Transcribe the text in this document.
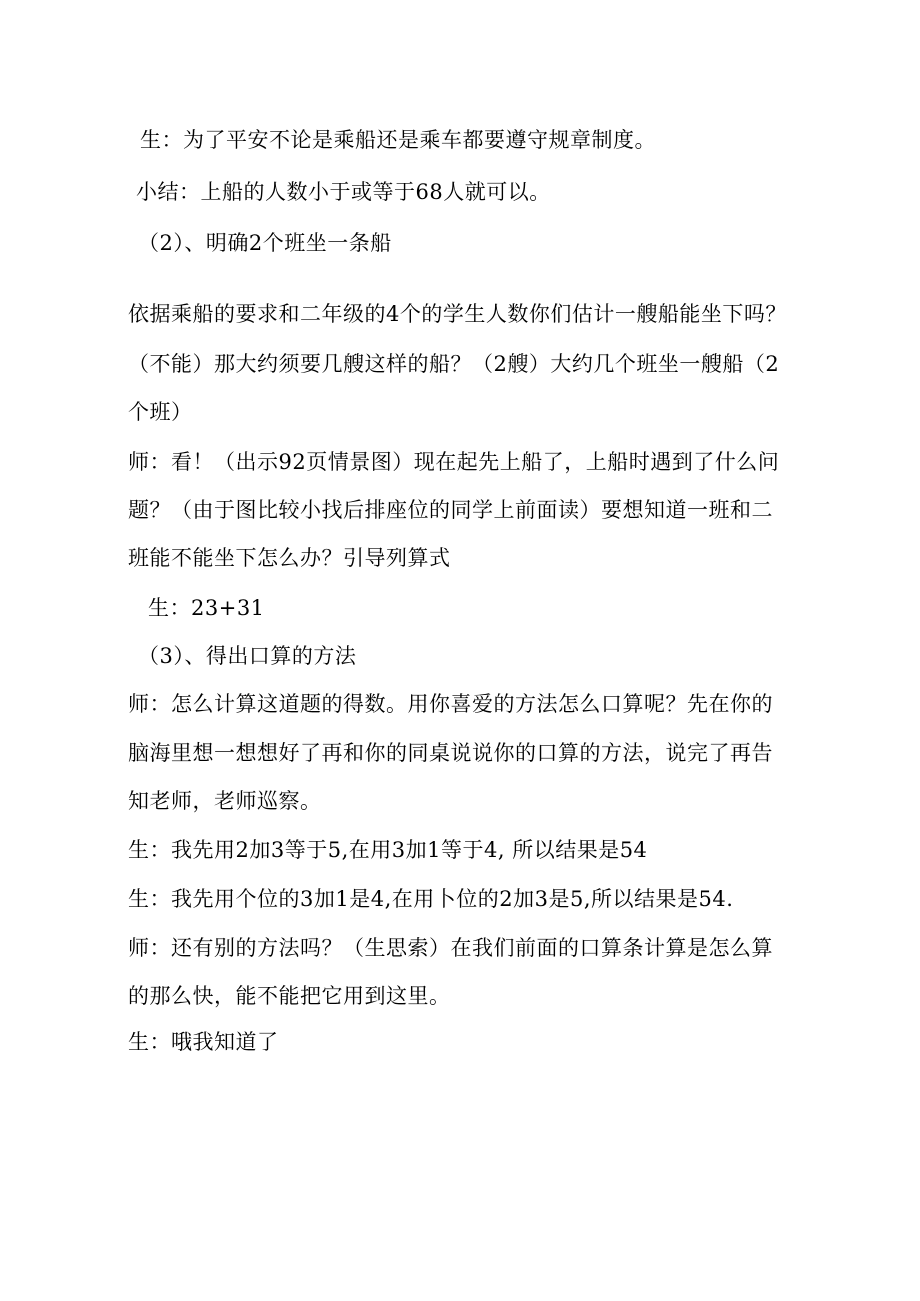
生：为了平安不论是乘船还是乘车都要遵守规章制度。
小结：上船的人数小于或等于68人就可以。
（2）、明确2个班坐一条船
依据乘船的要求和二年级的4个的学生人数你们估计一艘船能坐下吗？
（不能）那大约须要几艘这样的船？（2艘）大约几个班坐一艘船（2
个班）
师：看！（出示92页情景图）现在起先上船了，上船时遇到了什么问
题？（由于图比较小找后排座位的同学上前面读）要想知道一班和二
班能不能坐下怎么办？引导列算式
生：23+31
（3）、得出口算的方法
师：怎么计算这道题的得数。用你喜爱的方法怎么口算呢？先在你的
脑海里想一想想好了再和你的同桌说说你的口算的方法，说完了再告
知老师，老师巡察。
生：我先用2加3等于5,在用3加1等于4, 所以结果是54
生：我先用个位的3加1是4,在用卜位的2加3是5,所以结果是54.
师：还有别的方法吗？（生思索）在我们前面的口算条计算是怎么算
的那么快，能不能把它用到这里。
生：哦我知道了
